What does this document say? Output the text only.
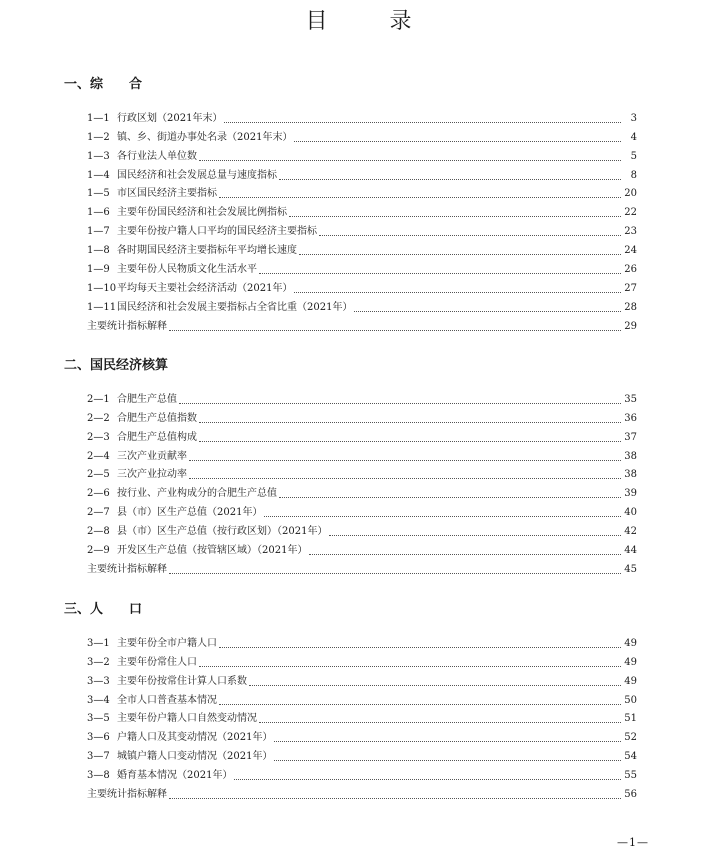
目录
一、综　　合
1—1 行政区划（2021年末）	3
1—2 镇、乡、街道办事处名录（2021年末）	4
1—3 各行业法人单位数	5
1—4 国民经济和社会发展总量与速度指标	8
1—5 市区国民经济主要指标	20
1—6 主要年份国民经济和社会发展比例指标	22
1—7 主要年份按户籍人口平均的国民经济主要指标	23
1—8 各时期国民经济主要指标年平均增长速度	24
1—9 主要年份人民物质文化生活水平	26
1—10 平均每天主要社会经济活动（2021年）	27
1—11 国民经济和社会发展主要指标占全省比重（2021年）	28
主要统计指标解释	29
二、国民经济核算
2—1 合肥生产总值	35
2—2 合肥生产总值指数	36
2—3 合肥生产总值构成	37
2—4 三次产业贡献率	38
2—5 三次产业拉动率	38
2—6 按行业、产业构成分的合肥生产总值	39
2—7 县（市）区生产总值（2021年）	40
2—8 县（市）区生产总值（按行政区划）（2021年）	42
2—9 开发区生产总值（按管辖区域）（2021年）	44
主要统计指标解释	45
三、人　　口
3—1 主要年份全市户籍人口	49
3—2 主要年份常住人口	49
3—3 主要年份按常住计算人口系数	49
3—4 全市人口普查基本情况	50
3—5 主要年份户籍人口自然变动情况	51
3—6 户籍人口及其变动情况（2021年）	52
3—7 城镇户籍人口变动情况（2021年）	54
3—8 婚育基本情况（2021年）	55
主要统计指标解释	56
—1—
